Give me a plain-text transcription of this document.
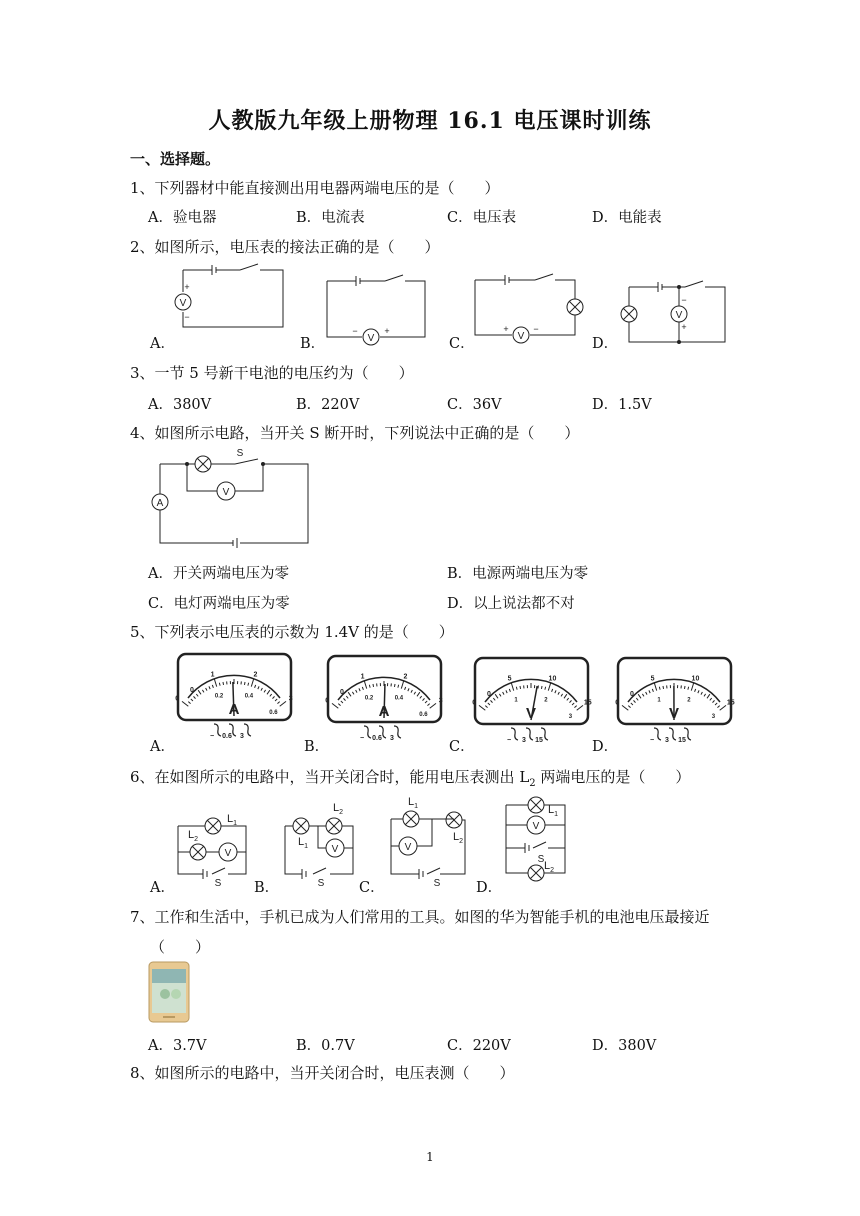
人教版九年级上册物理 16.1 电压课时训练
一、选择题。
1、下列器材中能直接测出用电器两端电压的是（　　）
A．验电器	B．电流表	C．电压表	D．电能表
2、如图所示，电压表的接法正确的是（　　）
V
V	V
V
+
−
−	+	+	−
−
+
A．	B．	C．	D．
3、一节 5 号新干电池的电压约为（　　）
A．380V	B．220V	C．36V	D．1.5V
4、如图所示电路，当开关 S 断开时，下列说法中正确的是（　　）
A
V
S
A．开关两端电压为零	B．电源两端电压为零
C．电灯两端电压为零	D．以上说法都不对
5、下列表示电压表的示数为 1.4V 的是（　　）
0
1	2
3
0.2	0.4
0.6
0
A
− 0.6 3
0
1	2
3
0.2	0.4
0.6
0
A
− 0.6 3
0
5	10
15
1	2
3
0
V
− 3 15
0
5	10
15
1	2
3
0
V
− 3 15
A．	B．	C．	D．
6、在如图所示的电路中，当开关闭合时，能用电压表测出 $L_2$ 两端电压的是（　　）
V	V	V
V
S	S	S
S
$L_1$
$L_2$	$L_1$
$L_2$
$L_1$
$L_2$
$L_1$
$L_2$
A．	B．	C．	D．
7、工作和生活中，手机已成为人们常用的工具。如图的华为智能手机的电池电压最接近
（　　）
A．3.7V	B．0.7V	C．220V	D．380V
8、如图所示的电路中，当开关闭合时，电压表测（　　）
1
